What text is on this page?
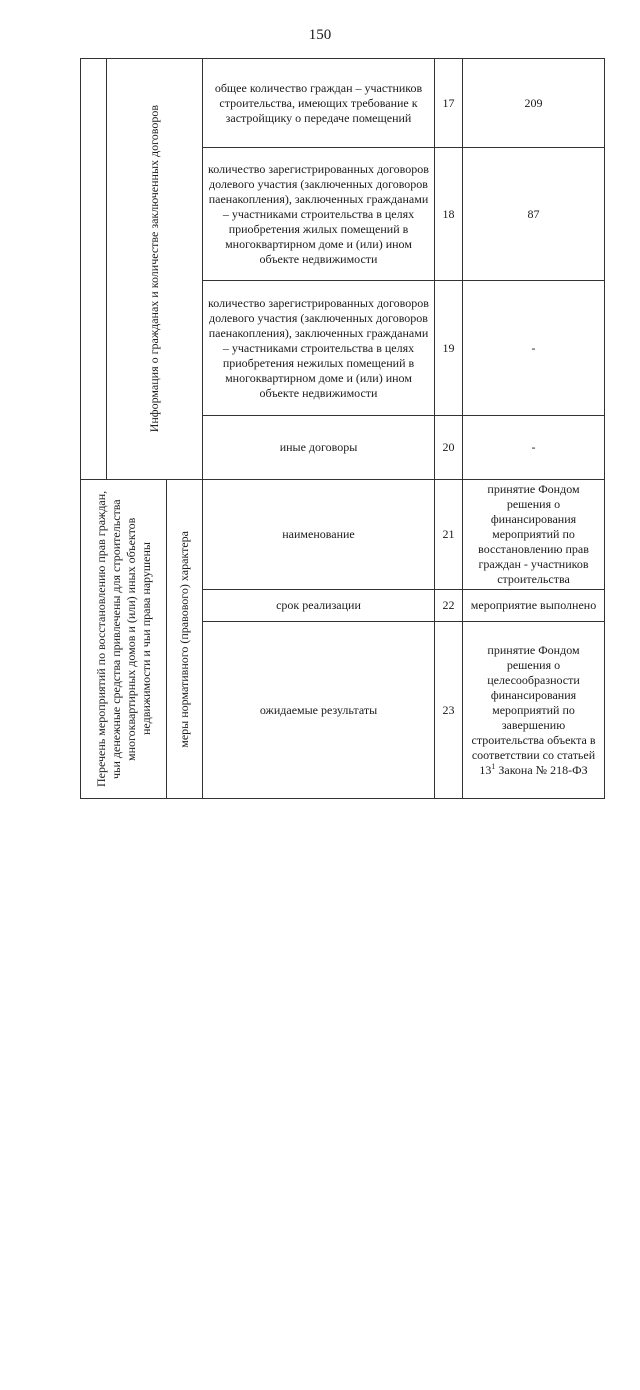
150

	Информация о гражданах и количестве заключенных договоров		общее количество граждан – участников строительства, имеющих требование к застройщику о передаче помещений	17	209
			количество зарегистрированных договоров долевого участия (заключенных договоров паенакопления), заключенных гражданами – участниками строительства в целях приобретения жилых помещений в многоквартирном доме и (или) ином объекте недвижимости	18	87
			количество зарегистрированных договоров долевого участия (заключенных договоров паенакопления), заключенных гражданами – участниками строительства в целях приобретения нежилых помещений в многоквартирном доме и (или) ином объекте недвижимости	19	-
			иные договоры	20	-

Перечень мероприятий по восстановлению прав граждан, чьи денежные средства привлечены для строительства многоквартирных домов и (или) иных объектов недвижимости и чьи права нарушены		меры нормативного (правового) характера	наименование	21	принятие Фондом решения о финансирования мероприятий по восстановлению прав граждан - участников строительства
			срок реализации	22	мероприятие выполнено
			ожидаемые результаты	23	принятие Фондом решения о целесообразности финансирования мероприятий по завершению строительства объекта в соответствии со статьей $13^1$ Закона № 218-ФЗ
